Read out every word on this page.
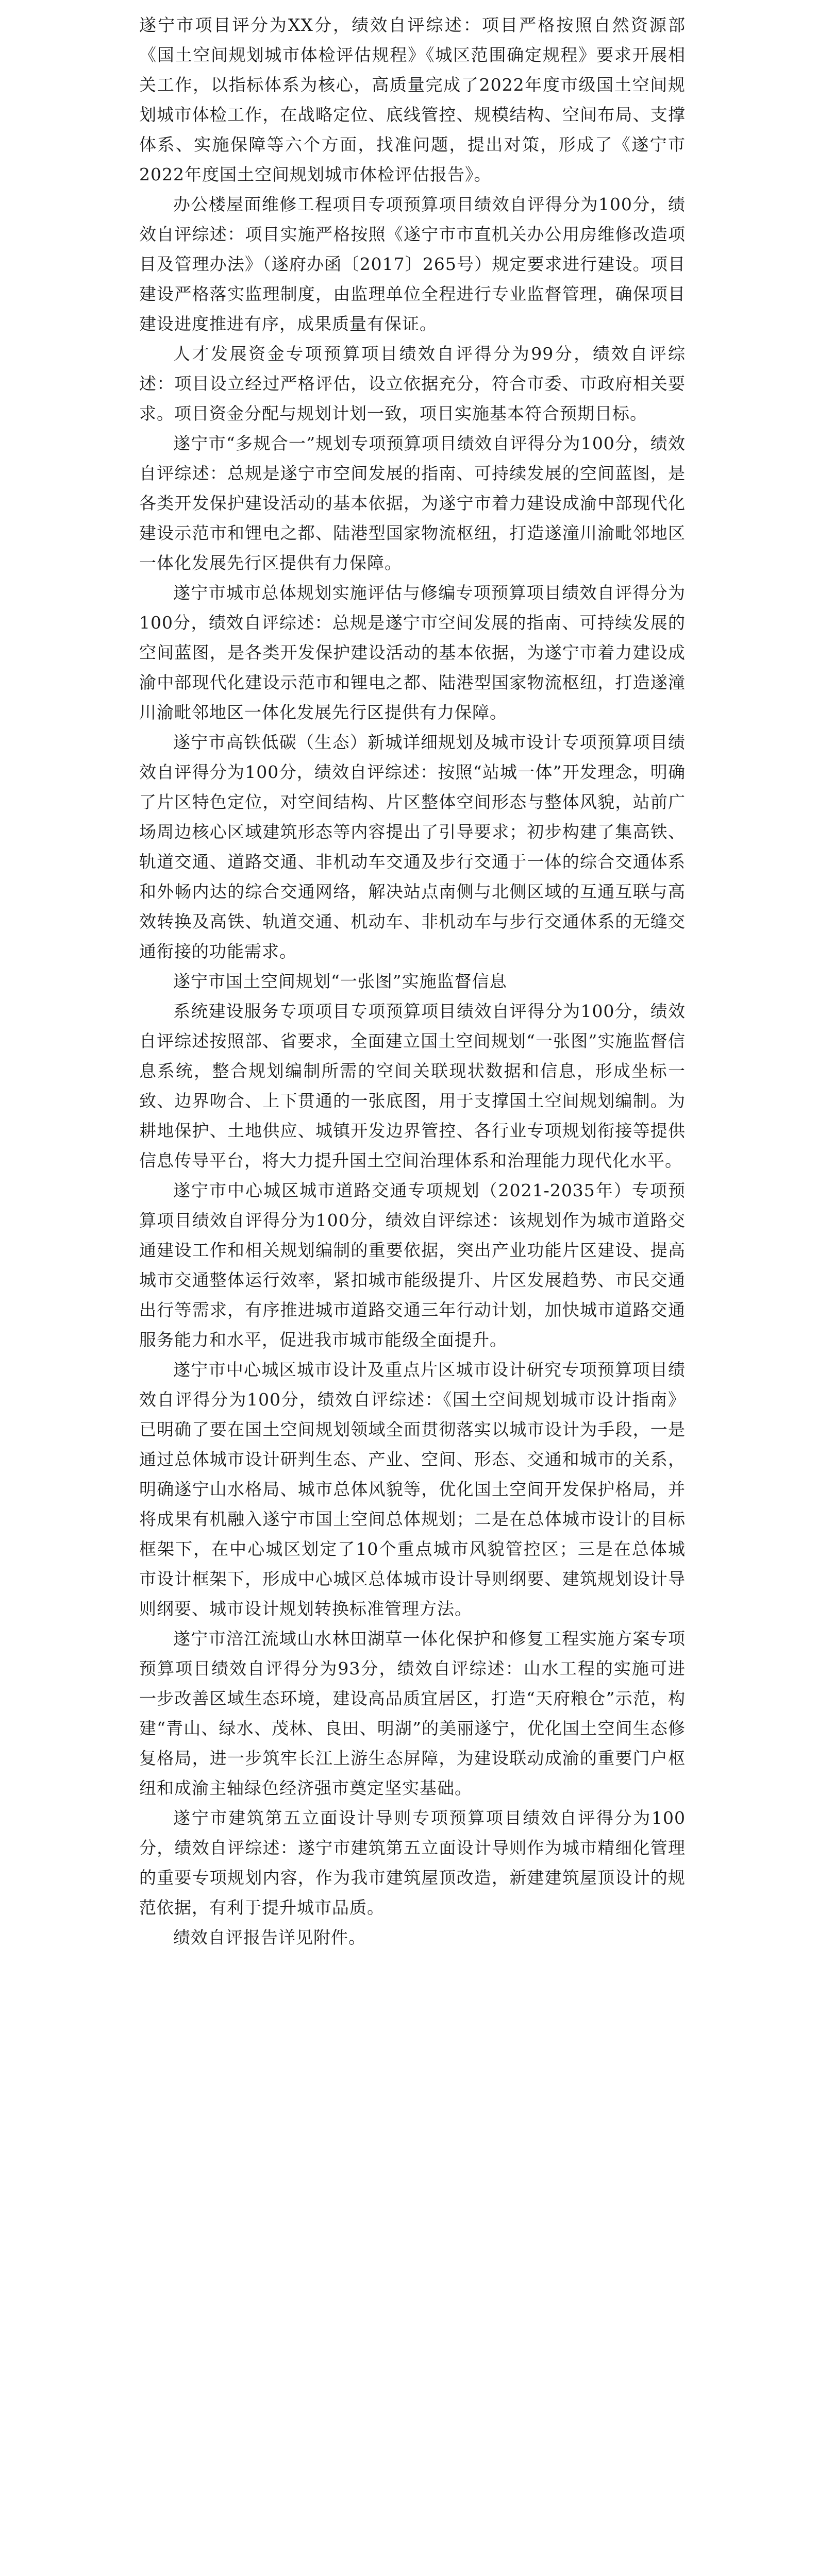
遂宁市项目评分为XX分，绩效自评综述：项目严格按照自然资源部《国土空间规划城市体检评估规程》《城区范围确定规程》要求开展相关工作，以指标体系为核心，高质量完成了2022年度市级国土空间规划城市体检工作，在战略定位、底线管控、规模结构、空间布局、支撑体系、实施保障等六个方面，找准问题，提出对策，形成了《遂宁市2022年度国土空间规划城市体检评估报告》。

办公楼屋面维修工程项目专项预算项目绩效自评得分为100分，绩效自评综述：项目实施严格按照《遂宁市市直机关办公用房维修改造项目及管理办法》（遂府办函〔2017〕265号）规定要求进行建设。项目建设严格落实监理制度，由监理单位全程进行专业监督管理，确保项目建设进度推进有序，成果质量有保证。

人才发展资金专项预算项目绩效自评得分为99分，绩效自评综述：项目设立经过严格评估，设立依据充分，符合市委、市政府相关要求。项目资金分配与规划计划一致，项目实施基本符合预期目标。

遂宁市“多规合一”规划专项预算项目绩效自评得分为100分，绩效自评综述：总规是遂宁市空间发展的指南、可持续发展的空间蓝图，是各类开发保护建设活动的基本依据，为遂宁市着力建设成渝中部现代化建设示范市和锂电之都、陆港型国家物流枢纽，打造遂潼川渝毗邻地区一体化发展先行区提供有力保障。

遂宁市城市总体规划实施评估与修编专项预算项目绩效自评得分为100分，绩效自评综述：总规是遂宁市空间发展的指南、可持续发展的空间蓝图，是各类开发保护建设活动的基本依据，为遂宁市着力建设成渝中部现代化建设示范市和锂电之都、陆港型国家物流枢纽，打造遂潼川渝毗邻地区一体化发展先行区提供有力保障。

遂宁市高铁低碳（生态）新城详细规划及城市设计专项预算项目绩效自评得分为100分，绩效自评综述：按照“站城一体”开发理念，明确了片区特色定位，对空间结构、片区整体空间形态与整体风貌，站前广场周边核心区域建筑形态等内容提出了引导要求；初步构建了集高铁、轨道交通、道路交通、非机动车交通及步行交通于一体的综合交通体系和外畅内达的综合交通网络，解决站点南侧与北侧区域的互通互联与高效转换及高铁、轨道交通、机动车、非机动车与步行交通体系的无缝交通衔接的功能需求。

遂宁市国土空间规划“一张图”实施监督信息

系统建设服务专项项目专项预算项目绩效自评得分为100分，绩效自评综述按照部、省要求，全面建立国土空间规划“一张图”实施监督信息系统，整合规划编制所需的空间关联现状数据和信息，形成坐标一致、边界吻合、上下贯通的一张底图，用于支撑国土空间规划编制。为耕地保护、土地供应、城镇开发边界管控、各行业专项规划衔接等提供信息传导平台，将大力提升国土空间治理体系和治理能力现代化水平。

遂宁市中心城区城市道路交通专项规划（2021-2035年）专项预算项目绩效自评得分为100分，绩效自评综述：该规划作为城市道路交通建设工作和相关规划编制的重要依据，突出产业功能片区建设、提高城市交通整体运行效率，紧扣城市能级提升、片区发展趋势、市民交通出行等需求，有序推进城市道路交通三年行动计划，加快城市道路交通服务能力和水平，促进我市城市能级全面提升。

遂宁市中心城区城市设计及重点片区城市设计研究专项预算项目绩效自评得分为100分，绩效自评综述：《国土空间规划城市设计指南》已明确了要在国土空间规划领域全面贯彻落实以城市设计为手段，一是通过总体城市设计研判生态、产业、空间、形态、交通和城市的关系，明确遂宁山水格局、城市总体风貌等，优化国土空间开发保护格局，并将成果有机融入遂宁市国土空间总体规划；二是在总体城市设计的目标框架下，在中心城区划定了10个重点城市风貌管控区；三是在总体城市设计框架下，形成中心城区总体城市设计导则纲要、建筑规划设计导则纲要、城市设计规划转换标准管理方法。

遂宁市涪江流域山水林田湖草一体化保护和修复工程实施方案专项预算项目绩效自评得分为93分，绩效自评综述：山水工程的实施可进一步改善区域生态环境，建设高品质宜居区，打造“天府粮仓”示范，构建“青山、绿水、茂林、良田、明湖”的美丽遂宁，优化国土空间生态修复格局，进一步筑牢长江上游生态屏障，为建设联动成渝的重要门户枢纽和成渝主轴绿色经济强市奠定坚实基础。

遂宁市建筑第五立面设计导则专项预算项目绩效自评得分为100分，绩效自评综述：遂宁市建筑第五立面设计导则作为城市精细化管理的重要专项规划内容，作为我市建筑屋顶改造，新建建筑屋顶设计的规范依据，有利于提升城市品质。

绩效自评报告详见附件。
